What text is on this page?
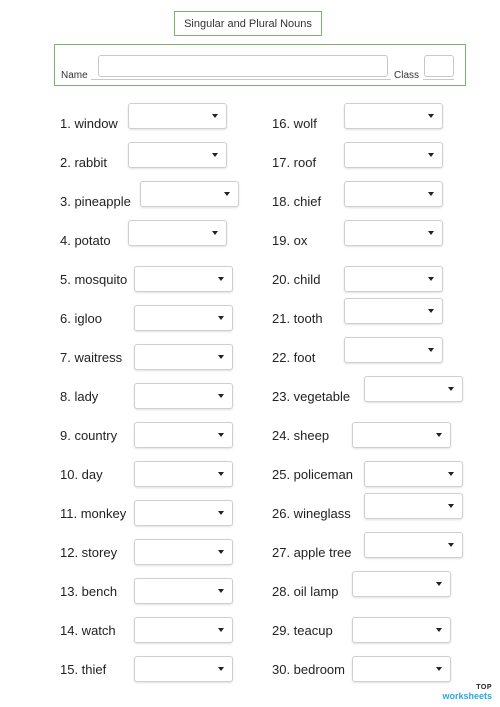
Singular and Plural Nouns
Name	Class
1. window
2. rabbit
3. pineapple
4. potato
5. mosquito
6. igloo
7. waitress
8. lady
9. country
10. day
11. monkey
12. storey
13. bench
14. watch
15. thief
16. wolf
17. roof
18. chief
19. ox
20. child
21. tooth
22. foot
23. vegetable
24. sheep
25. policeman
26. wineglass
27. apple tree
28. oil lamp
29. teacup
30. bedroom
TOP
worksheets
